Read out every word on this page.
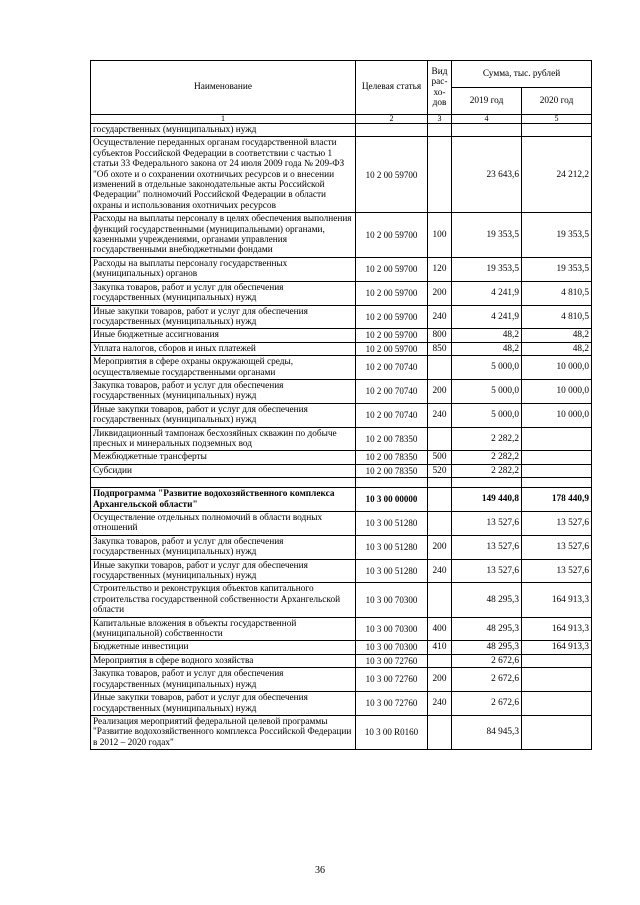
Наименование	Целевая статья	Вид рас-хо-дов	Сумма, тыс. рублей	
			2019 год	2020 год
1	2	3	4	5
государственных (муниципальных) нужд				
Осуществление переданных органам государственной власти субъектов Российской Федерации в соответствии с частью 1 статьи 33 Федерального закона от 24 июля 2009 года № 209-ФЗ "Об охоте и о сохранении охотничьих ресурсов и о внесении изменений в отдельные законодательные акты Российской Федерации" полномочий Российской Федерации в области охраны и использования охотничьих ресурсов	10 2 00 59700		23 643,6	24 212,2
Расходы на выплаты персоналу в целях обеспечения выполнения функций государственными (муниципальными) органами, казенными учреждениями, органами управления государственными внебюджетными фондами	10 2 00 59700	100	19 353,5	19 353,5
Расходы на выплаты персоналу государственных (муниципальных) органов	10 2 00 59700	120	19 353,5	19 353,5
Закупка товаров, работ и услуг для обеспечения государственных (муниципальных) нужд	10 2 00 59700	200	4 241,9	4 810,5
Иные закупки товаров, работ и услуг для обеспечения государственных (муниципальных) нужд	10 2 00 59700	240	4 241,9	4 810,5
Иные бюджетные ассигнования	10 2 00 59700	800	48,2	48,2
Уплата налогов, сборов и иных платежей	10 2 00 59700	850	48,2	48,2
Мероприятия в сфере охраны окружающей среды, осуществляемые государственными органами	10 2 00 70740		5 000,0	10 000,0
Закупка товаров, работ и услуг для обеспечения государственных (муниципальных) нужд	10 2 00 70740	200	5 000,0	10 000,0
Иные закупки товаров, работ и услуг для обеспечения государственных (муниципальных) нужд	10 2 00 70740	240	5 000,0	10 000,0
Ликвидационный тампонаж бесхозяйных скважин по добыче пресных и минеральных подземных вод	10 2 00 78350		2 282,2	
Межбюджетные трансферты	10 2 00 78350	500	2 282,2	
Субсидии	10 2 00 78350	520	2 282,2	

Подпрограмма "Развитие водохозяйственного комплекса Архангельской области"	10 3 00 00000		149 440,8	178 440,9
Осуществление отдельных полномочий в области водных отношений	10 3 00 51280		13 527,6	13 527,6
Закупка товаров, работ и услуг для обеспечения государственных (муниципальных) нужд	10 3 00 51280	200	13 527,6	13 527,6
Иные закупки товаров, работ и услуг для обеспечения государственных (муниципальных) нужд	10 3 00 51280	240	13 527,6	13 527,6
Строительство и реконструкция объектов капитального строительства государственной собственности Архангельской области	10 3 00 70300		48 295,3	164 913,3
Капитальные вложения в объекты государственной (муниципальной) собственности	10 3 00 70300	400	48 295,3	164 913,3
Бюджетные инвестиции	10 3 00 70300	410	48 295,3	164 913,3
Мероприятия в сфере водного хозяйства	10 3 00 72760		2 672,6	
Закупка товаров, работ и услуг для обеспечения государственных (муниципальных) нужд	10 3 00 72760	200	2 672,6	
Иные закупки товаров, работ и услуг для обеспечения государственных (муниципальных) нужд	10 3 00 72760	240	2 672,6	
Реализация мероприятий федеральной целевой программы "Развитие водохозяйственного комплекса Российской Федерации в 2012 – 2020 годах"	10 3 00 R0160		84 945,3	
36
